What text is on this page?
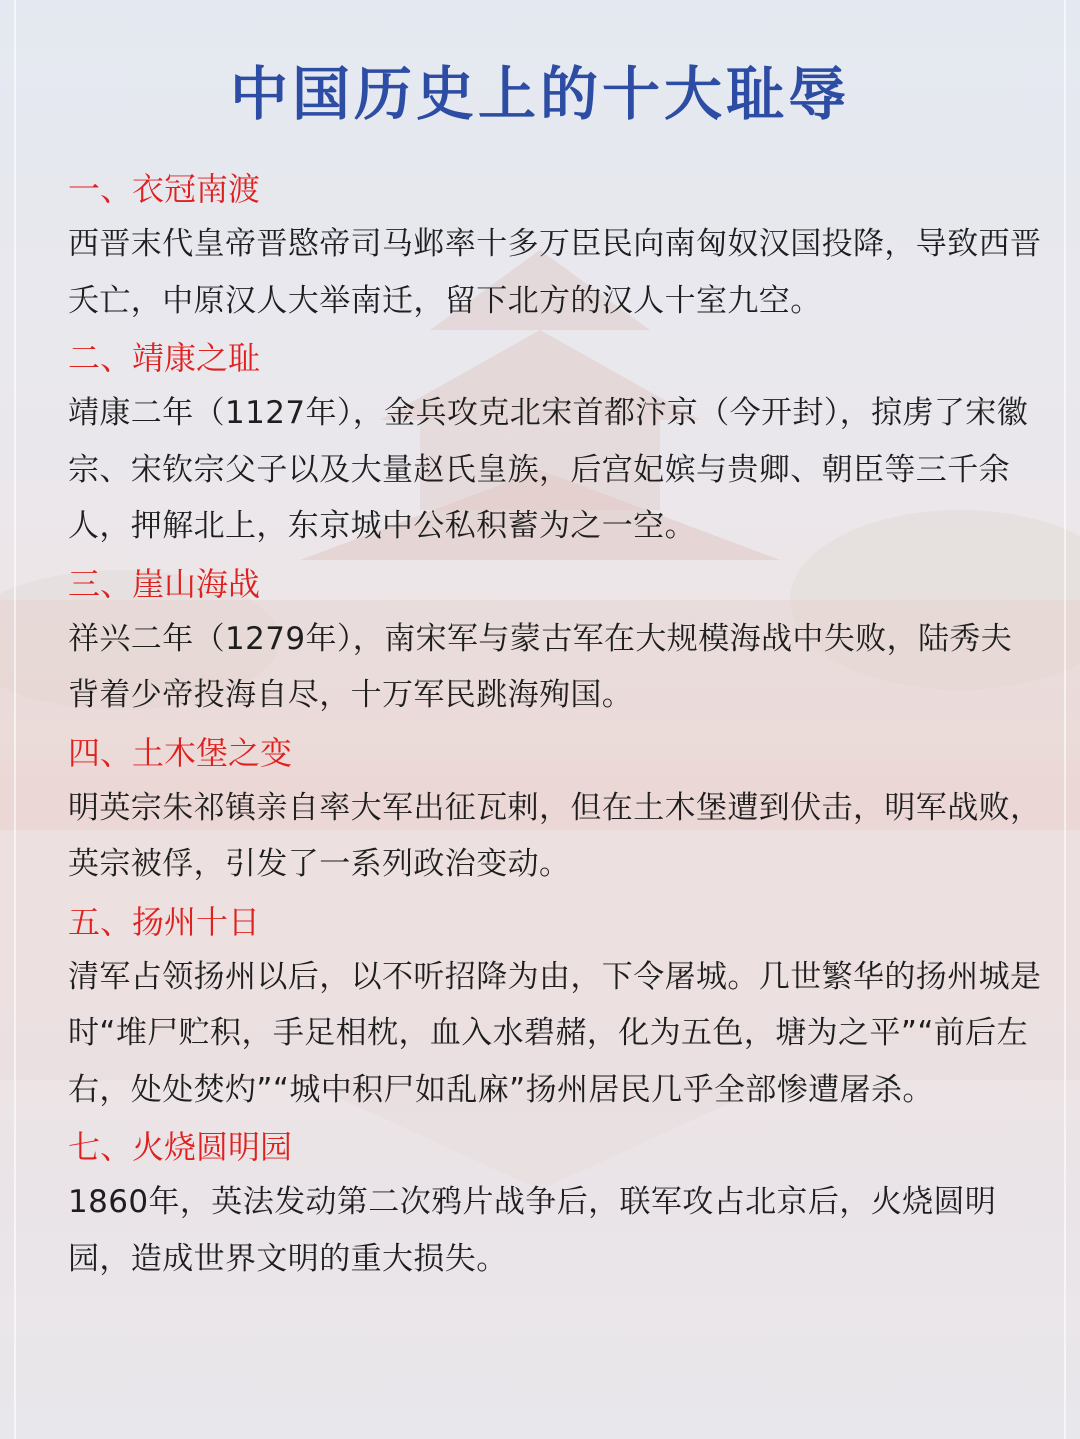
中国历史上的十大耻辱
一、衣冠南渡
西晋末代皇帝晋愍帝司马邺率十多万臣民向南匈奴汉国投降，导致西晋夭亡，中原汉人大举南迁，留下北方的汉人十室九空。
二、靖康之耻
靖康二年（1127年），金兵攻克北宋首都汴京（今开封），掠虏了宋徽宗、宋钦宗父子以及大量赵氏皇族，后宫妃嫔与贵卿、朝臣等三千余人，押解北上，东京城中公私积蓄为之一空。
三、崖山海战
祥兴二年（1279年），南宋军与蒙古军在大规模海战中失败，陆秀夫背着少帝投海自尽，十万军民跳海殉国。
四、土木堡之变
明英宗朱祁镇亲自率大军出征瓦剌，但在土木堡遭到伏击，明军战败，英宗被俘，引发了一系列政治变动。
五、扬州十日
清军占领扬州以后，以不听招降为由，下令屠城。几世繁华的扬州城是时“堆尸贮积，手足相枕，血入水碧赭，化为五色，塘为之平”“前后左右，处处焚灼”“城中积尸如乱麻”扬州居民几乎全部惨遭屠杀。
七、火烧圆明园
1860年，英法发动第二次鸦片战争后，联军攻占北京后，火烧圆明园，造成世界文明的重大损失。
